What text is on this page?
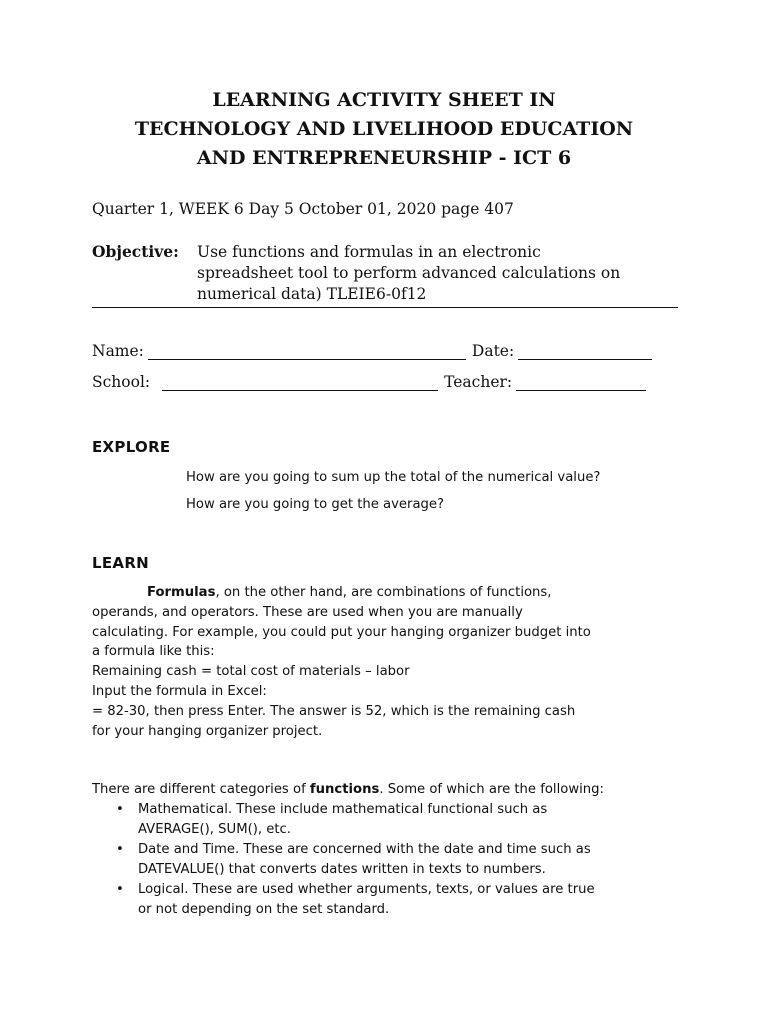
LEARNING ACTIVITY SHEET IN
TECHNOLOGY AND LIVELIHOOD EDUCATION
AND ENTREPRENEURSHIP - ICT 6
Quarter 1, WEEK 6 Day 5 October 01, 2020 page 407
Objective: Use functions and formulas in an electronic
spreadsheet tool to perform advanced calculations on
numerical data) TLEIE6-0f12
Name:	Date:
School:	Teacher:
EXPLORE
How are you going to sum up the total of the numerical value?
How are you going to get the average?
LEARN
Formulas, on the other hand, are combinations of functions,
operands, and operators. These are used when you are manually
calculating. For example, you could put your hanging organizer budget into
a formula like this:
Remaining cash = total cost of materials – labor
Input the formula in Excel:
= 82-30, then press Enter. The answer is 52, which is the remaining cash
for your hanging organizer project.
There are different categories of functions. Some of which are the following:
• Mathematical. These include mathematical functional such as
AVERAGE(), SUM(), etc.
• Date and Time. These are concerned with the date and time such as
DATEVALUE() that converts dates written in texts to numbers.
• Logical. These are used whether arguments, texts, or values are true
or not depending on the set standard.
